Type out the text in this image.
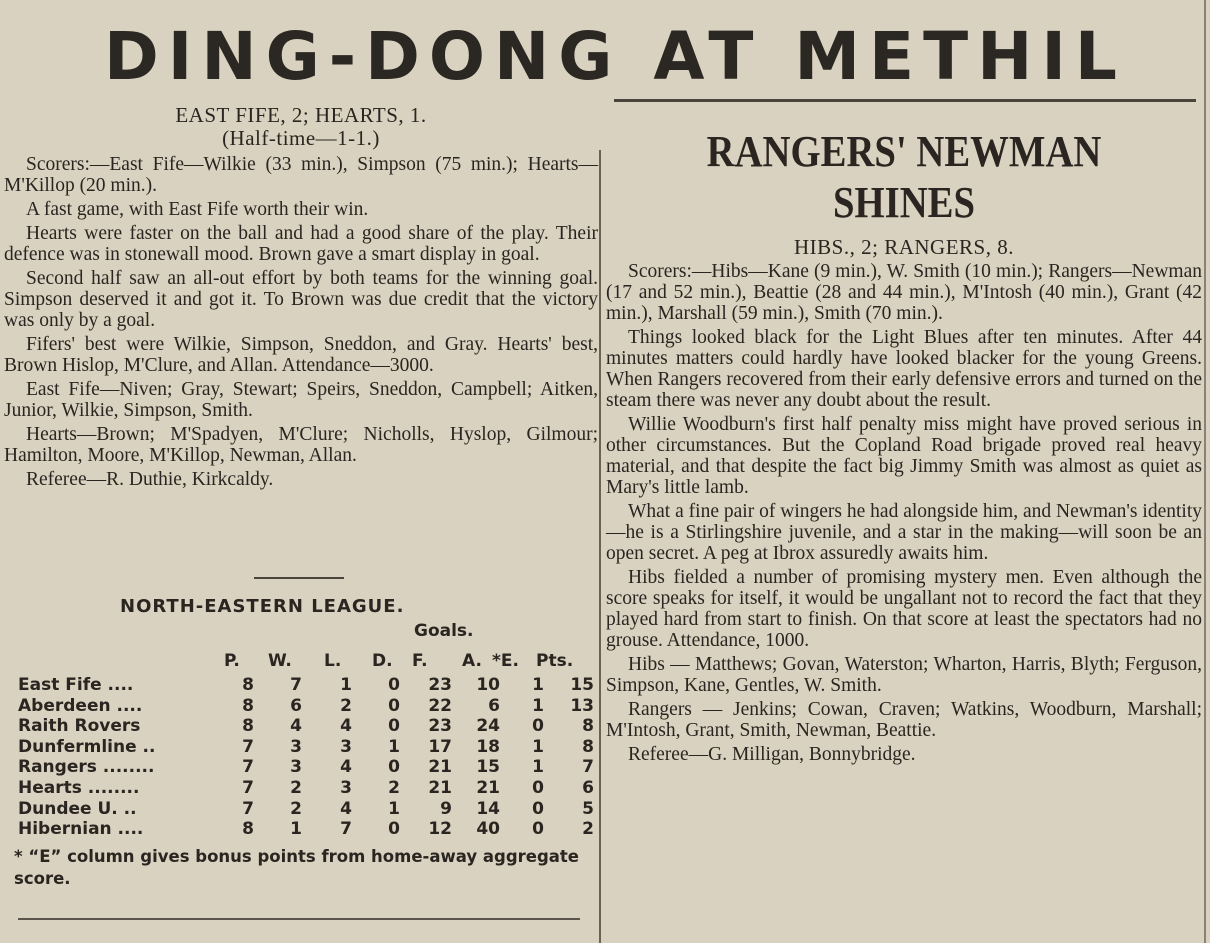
DING-DONG AT METHIL
EAST FIFE, 2; HEARTS, 1.
(Half-time—1-1.)

Scorers:—East Fife—Wilkie (33 min.), Simpson (75 min.); Hearts—M'Killop (20 min.).

A fast game, with East Fife worth their win.

Hearts were faster on the ball and had a good share of the play. Their defence was in stonewall mood. Brown gave a smart display in goal.

Second half saw an all-out effort by both teams for the winning goal. Simpson deserved it and got it. To Brown was due credit that the victory was only by a goal.

Fifers' best were Wilkie, Simpson, Sneddon, and Gray. Hearts' best, Brown Hislop, M'Clure, and Allan. Attendance—3000.

East Fife—Niven; Gray, Stewart; Speirs, Sneddon, Campbell; Aitken, Junior, Wilkie, Simpson, Smith.

Hearts—Brown; M'Spadyen, M'Clure; Nicholls, Hyslop, Gilmour; Hamilton, Moore, M'Killop, Newman, Allan.

Referee—R. Duthie, Kirkcaldy.

NORTH-EASTERN LEAGUE.
Goals.
P. W. L. D. F. A. *E. Pts.
East Fife ....	8 7 1 0 23 10 1 15
Aberdeen ....	8 6 2 0 22 6 1 13
Raith Rovers	8 4 4 0 23 24 0 8
Dunfermline ..	7 3 3 1 17 18 1 8
Rangers ........	7 3 4 0 21 15 1 7
Hearts ........	7 2 3 2 21 21 0 6
Dundee U. ..	7 2 4 1 9 14 0 5
Hibernian ....	8 1 7 0 12 40 0 2
* “E” column gives bonus points from home-away aggregate score.
RANGERS' NEWMAN SHINES
HIBS., 2; RANGERS, 8.

Scorers:—Hibs—Kane (9 min.), W. Smith (10 min.); Rangers—Newman (17 and 52 min.), Beattie (28 and 44 min.), M'Intosh (40 min.), Grant (42 min.), Marshall (59 min.), Smith (70 min.).

Things looked black for the Light Blues after ten minutes. After 44 minutes matters could hardly have looked blacker for the young Greens. When Rangers recovered from their early defensive errors and turned on the steam there was never any doubt about the result.

Willie Woodburn's first half penalty miss might have proved serious in other circumstances. But the Copland Road brigade proved real heavy material, and that despite the fact big Jimmy Smith was almost as quiet as Mary's little lamb.

What a fine pair of wingers he had alongside him, and Newman's identity—he is a Stirlingshire juvenile, and a star in the making—will soon be an open secret. A peg at Ibrox assuredly awaits him.

Hibs fielded a number of promising mystery men. Even although the score speaks for itself, it would be ungallant not to record the fact that they played hard from start to finish. On that score at least the spectators had no grouse. Attendance, 1000.

Hibs — Matthews; Govan, Waterston; Wharton, Harris, Blyth; Ferguson, Simpson, Kane, Gentles, W. Smith.

Rangers — Jenkins; Cowan, Craven; Watkins, Woodburn, Marshall; M'Intosh, Grant, Smith, Newman, Beattie.

Referee—G. Milligan, Bonnybridge.
